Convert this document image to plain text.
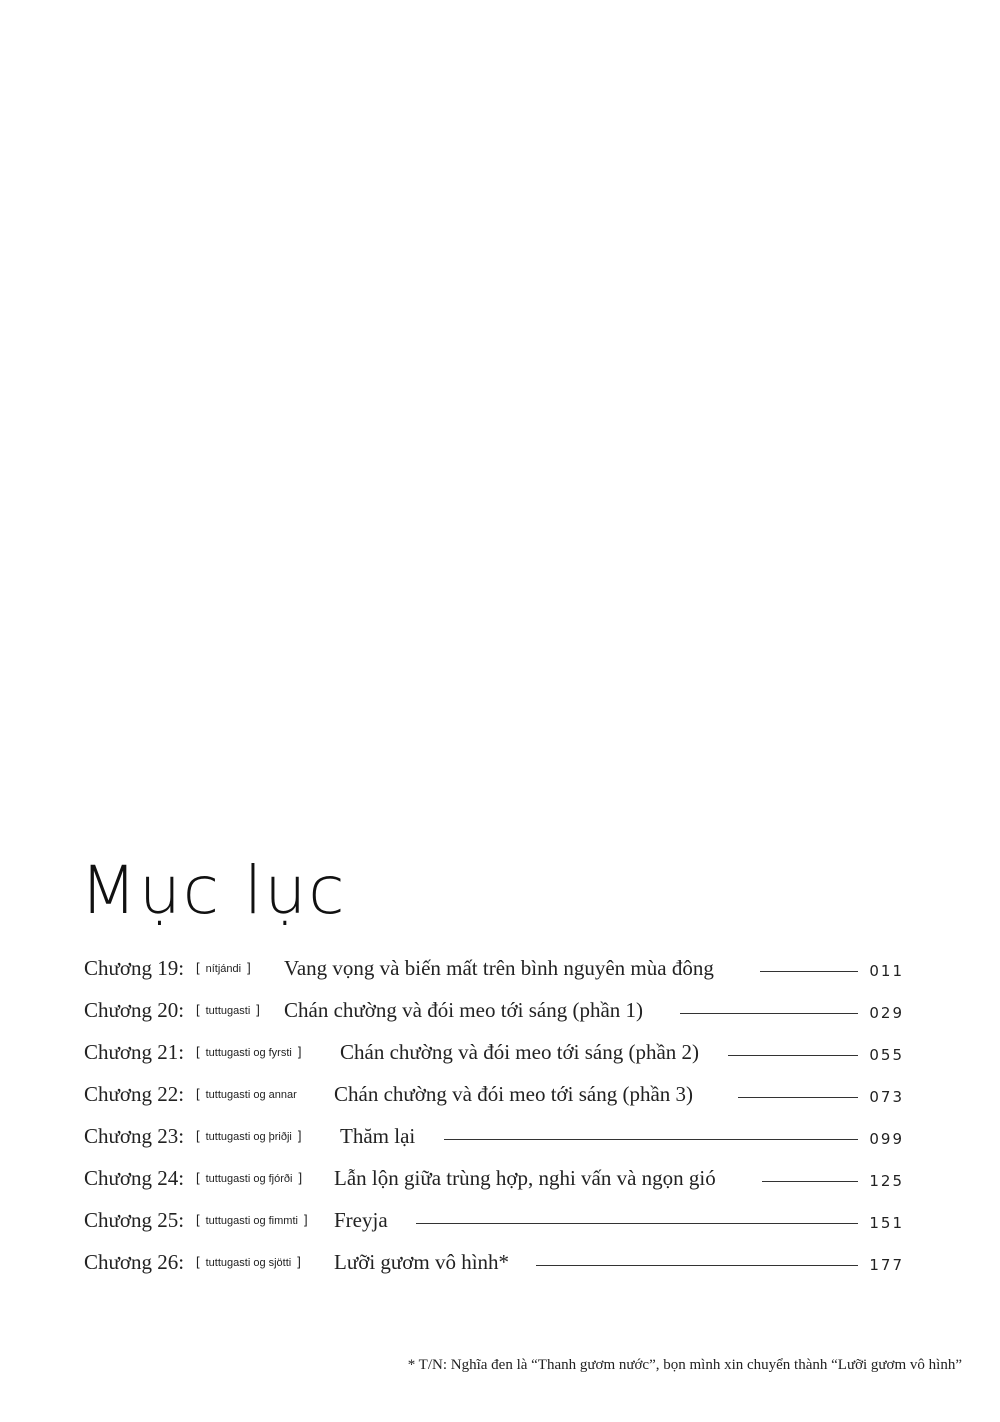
Mục lục
Chương 19: [ nítjándi ] Vang vọng và biến mất trên bình nguyên mùa đông	011
Chương 20: [ tuttugasti ] Chán chường và đói meo tới sáng (phần 1)	029
Chương 21: [ tuttugasti og fyrsti ] Chán chường và đói meo tới sáng (phần 2)	055
Chương 22: [ tuttugasti og annar Chán chường và đói meo tới sáng (phần 3)	073
Chương 23: [ tuttugasti og þriðji ] Thăm lại	099
Chương 24: [ tuttugasti og fjórði ] Lẫn lộn giữa trùng hợp, nghi vấn và ngọn gió	125
Chương 25: [ tuttugasti og fimmti ] Freyja	151
Chương 26: [ tuttugasti og sjötti ] Lưỡi gươm vô hình*	177
* T/N: Nghĩa đen là “Thanh gươm nước”, bọn mình xin chuyển thành “Lưỡi gươm vô hình”
